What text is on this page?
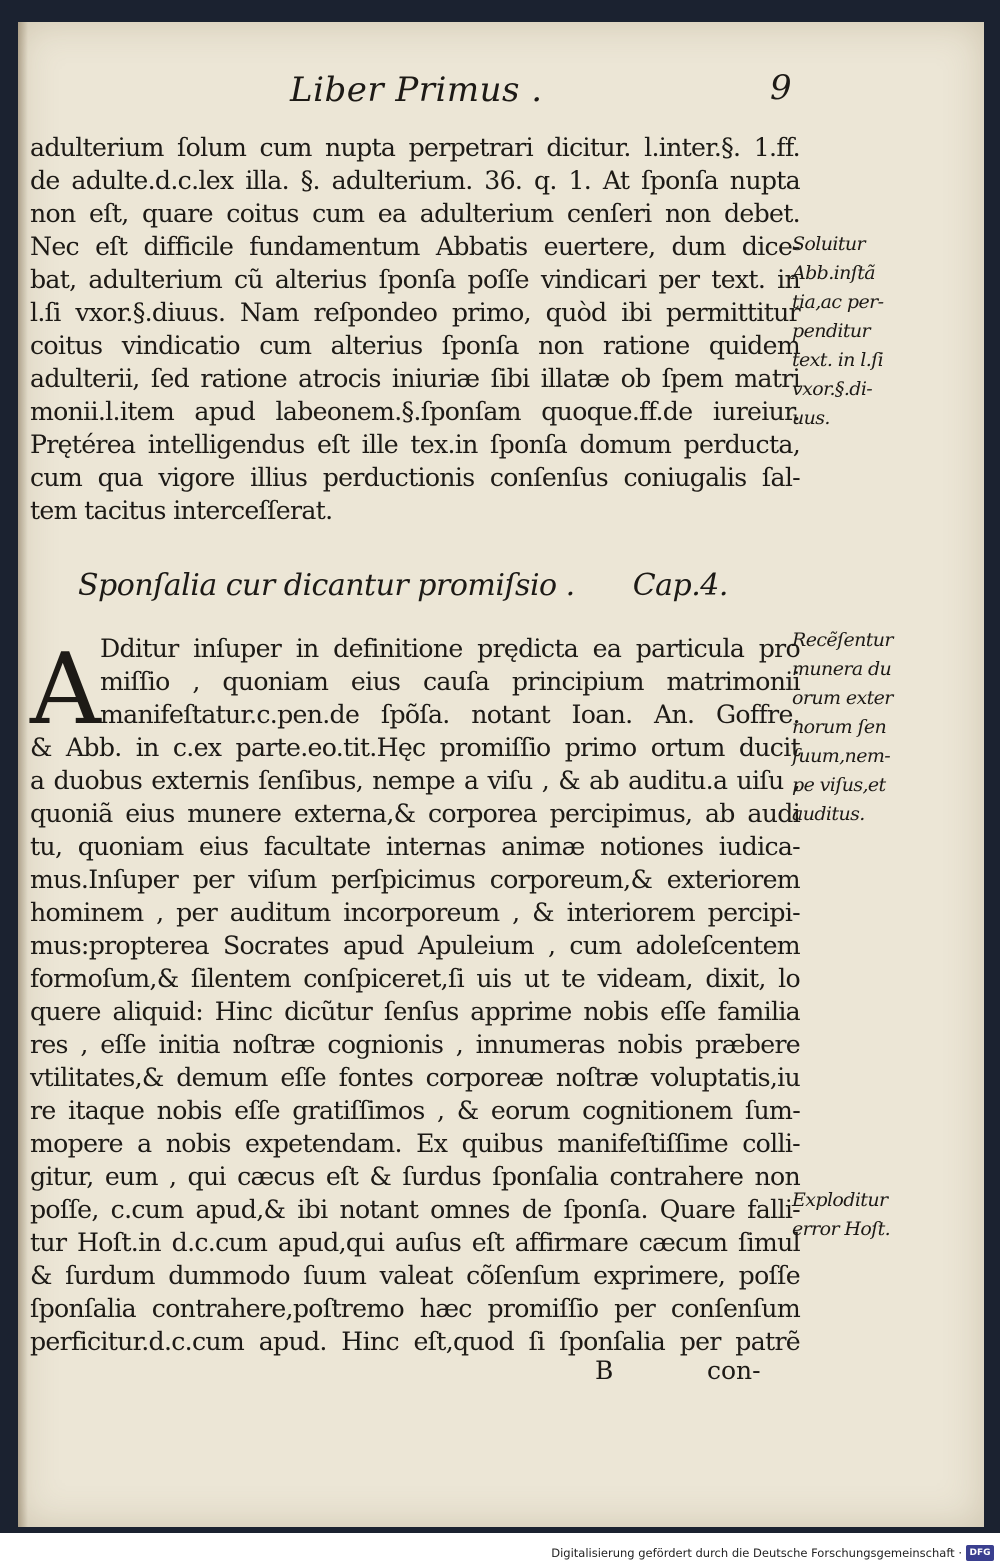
Liber Primus .	9
adulterium ſolum cum nupta perpetrari dicitur. l.inter.§. 1.ff.
de adulte.d.c.lex illa. §. adulterium. 36. q. 1. At ſponſa nupta
non eſt, quare coitus cum ea adulterium cenſeri non debet.
Nec eſt difficile fundamentum Abbatis euertere, dum dice-
bat, adulterium cũ alterius ſponſa poſſe vindicari per text. in
l.ſi vxor.§.diuus. Nam reſpondeo primo, quòd ibi permittitur
coitus vindicatio cum alterius ſponſa non ratione quidem
adulterii, ſed ratione atrocis iniuriæ ſibi illatæ ob ſpem matri
monii.l.item apud labeonem.§.ſponſam quoque.ff.de iureiur.
Prętérea intelligendus eſt ille tex.in ſponſa domum perducta,
cum qua vigore illius perductionis conſenſus coniugalis ſal-
tem tacitus interceſſerat.
Sponſalia cur dicantur promiſsio . Cap.4.
A Dditur inſuper in definitione prędicta ea particula pro
miſſio , quoniam eius cauſa principium matrimonii
manifeſtatur.c.pen.de ſpõſa. notant Ioan. An. Goffre.
& Abb. in c.ex parte.eo.tit.Hęc promiſſio primo ortum ducit
a duobus externis ſenſibus, nempe a viſu , & ab auditu.a uiſu ,
quoniã eius munere externa,& corporea percipimus, ab audi
tu, quoniam eius facultate internas animæ notiones iudica-
mus.Inſuper per viſum perſpicimus corporeum,& exteriorem
hominem , per auditum incorporeum , & interiorem percipi-
mus:propterea Socrates apud Apuleium , cum adoleſcentem
formoſum,& ſilentem conſpiceret,ſi uis ut te videam, dixit, lo
quere aliquid: Hinc dicũtur ſenſus apprime nobis eſſe familia
res , eſſe initia noſtræ cognionis , innumeras nobis præbere
vtilitates,& demum eſſe fontes corporeæ noſtræ voluptatis,iu
re itaque nobis eſſe gratiſſimos , & eorum cognitionem ſum-
mopere a nobis expetendam. Ex quibus manifeſtiſſime colli-
gitur, eum , qui cæcus eſt & ſurdus ſponſalia contrahere non
poſſe, c.cum apud,& ibi notant omnes de ſponſa. Quare falli-
tur Hoſt.in d.c.cum apud,qui auſus eſt affirmare cæcum ſimul
& ſurdum dummodo ſuum valeat cõſenſum exprimere, poſſe
ſponſalia contrahere,poſtremo hæc promiſſio per conſenſum
perficitur.d.c.cum apud. Hinc eſt,quod ſi ſponſalia per patrẽ
Soluitur
Abb.inſtã
tia,ac per-
penditur
text. in l.ſi
vxor.§.di-
uus.
Recẽſentur
munera du
orum exter
norum ſen
ſuum,nem-
pe viſus,et
auditus.
Exploditur
error Hoſt.
B	con-
Digitalisierung gefördert durch die Deutsche Forschungsgemeinschaft · DFG
